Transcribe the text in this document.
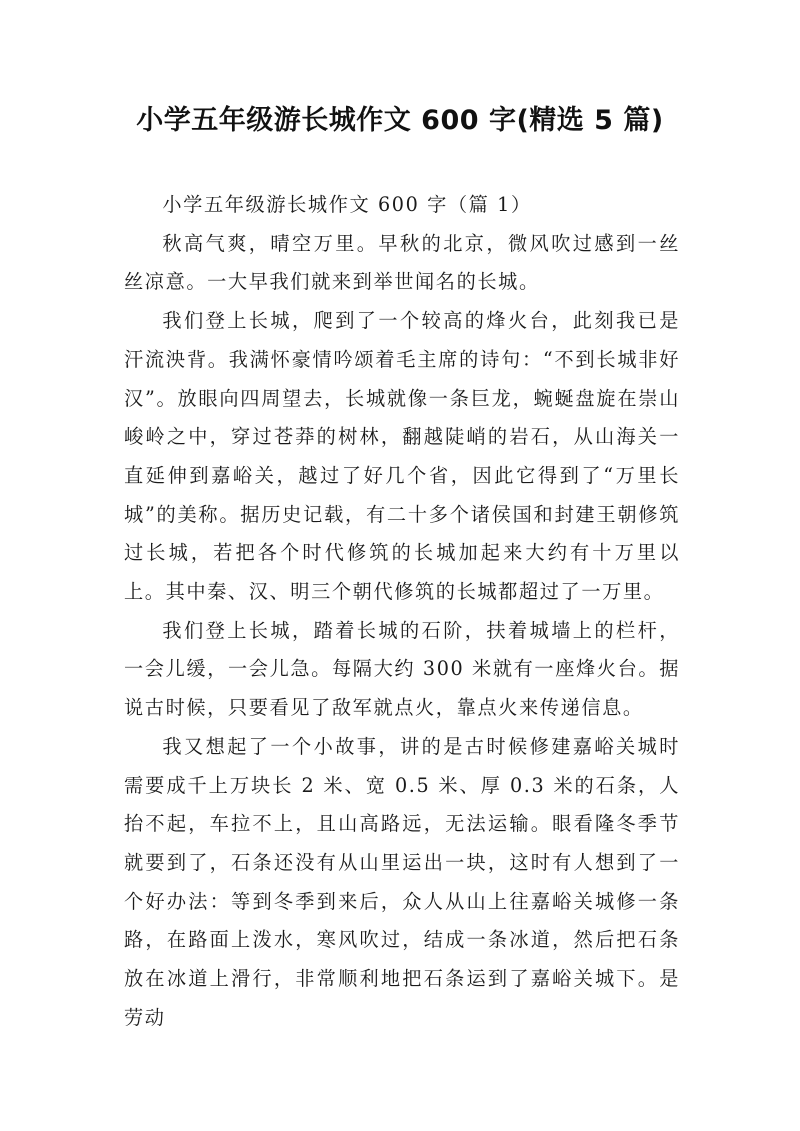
小学五年级游长城作文 600 字(精选 5 篇)

小学五年级游长城作文 600 字（篇 1）

秋高气爽，晴空万里。早秋的北京，微风吹过感到一丝丝凉意。一大早我们就来到举世闻名的长城。

我们登上长城，爬到了一个较高的烽火台，此刻我已是汗流泱背。我满怀豪情吟颂着毛主席的诗句：“不到长城非好汉”。放眼向四周望去，长城就像一条巨龙，蜿蜒盘旋在崇山峻岭之中，穿过苍莽的树林，翻越陡峭的岩石，从山海关一直延伸到嘉峪关，越过了好几个省，因此它得到了“万里长城”的美称。据历史记载，有二十多个诸侯国和封建王朝修筑过长城，若把各个时代修筑的长城加起来大约有十万里以上。其中秦、汉、明三个朝代修筑的长城都超过了一万里。

我们登上长城，踏着长城的石阶，扶着城墙上的栏杆，一会儿缓，一会儿急。每隔大约 300 米就有一座烽火台。据说古时候，只要看见了敌军就点火，靠点火来传递信息。

我又想起了一个小故事，讲的是古时候修建嘉峪关城时需要成千上万块长 2 米、宽 0.5 米、厚 0.3 米的石条，人抬不起，车拉不上，且山高路远，无法运输。眼看隆冬季节就要到了，石条还没有从山里运出一块，这时有人想到了一个好办法：等到冬季到来后，众人从山上往嘉峪关城修一条路，在路面上泼水，寒风吹过，结成一条冰道，然后把石条放在冰道上滑行，非常顺利地把石条运到了嘉峪关城下。是劳动
